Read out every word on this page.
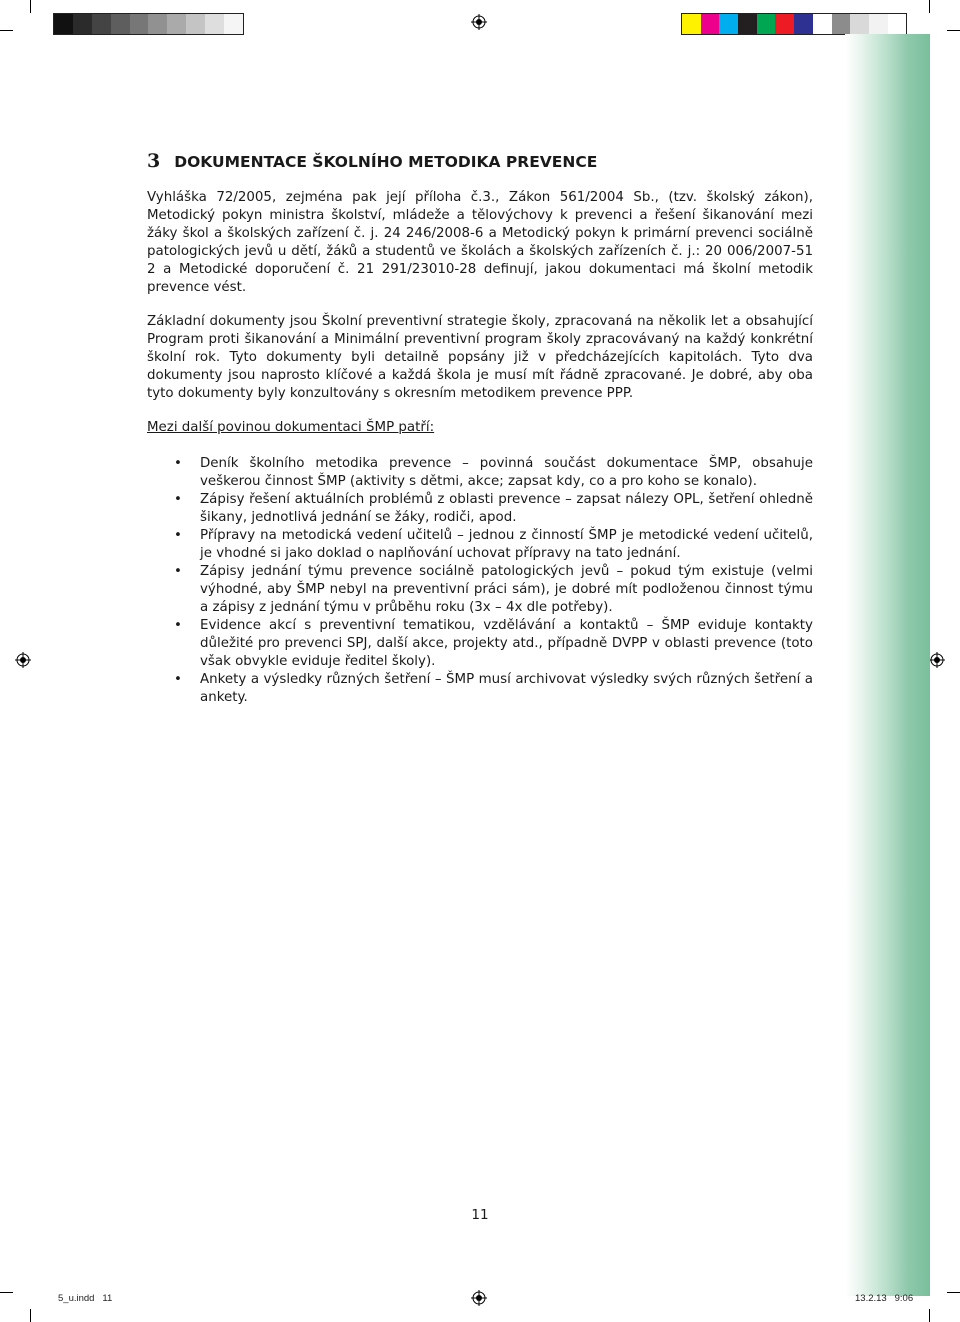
3 DOKUMENTACE ŠKOLNÍHO METODIKA PREVENCE

Vyhláška 72/2005, zejména pak její příloha č.3., Zákon 561/2004 Sb., (tzv. školský zákon), Metodický pokyn ministra školství, mládeže a tělovýchovy k prevenci a řešení šikanování mezi žáky škol a školských zařízení č. j. 24 246/2008-6 a Metodický pokyn k primární prevenci sociálně patologických jevů u dětí, žáků a studentů ve školách a školských zařízeních č. j.: 20 006/2007-51 2 a Metodické doporučení č. 21 291/23010-28 definují, jakou dokumentaci má školní metodik prevence vést.

Základní dokumenty jsou Školní preventivní strategie školy, zpracovaná na několik let a obsahující Program proti šikanování a Minimální preventivní program školy zpracovávaný na každý konkrétní školní rok. Tyto dokumenty byli detailně popsány již v předcházejících kapitolách. Tyto dva dokumenty jsou naprosto klíčové a každá škola je musí mít řádně zpracované. Je dobré, aby oba tyto dokumenty byly konzultovány s okresním metodikem prevence PPP.

Mezi další povinou dokumentaci ŠMP patří:
• Deník školního metodika prevence – povinná součást dokumentace ŠMP, obsahuje veškerou činnost ŠMP (aktivity s dětmi, akce; zapsat kdy, co a pro koho se konalo).
• Zápisy řešení aktuálních problémů z oblasti prevence – zapsat nálezy OPL, šetření ohledně šikany, jednotlivá jednání se žáky, rodiči, apod.
• Přípravy na metodická vedení učitelů – jednou z činností ŠMP je metodické vedení učitelů, je vhodné si jako doklad o naplňování uchovat přípravy na tato jednání.
• Zápisy jednání týmu prevence sociálně patologických jevů – pokud tým existuje (velmi výhodné, aby ŠMP nebyl na preventivní práci sám), je dobré mít podloženou činnost týmu a zápisy z jednání týmu v průběhu roku (3x – 4x dle potřeby).
• Evidence akcí s preventivní tematikou, vzdělávání a kontaktů – ŠMP eviduje kontakty důležité pro prevenci SPJ, další akce, projekty atd., případně DVPP v oblasti prevence (toto však obvykle eviduje ředitel školy).
• Ankety a výsledky různých šetření – ŠMP musí archivovat výsledky svých různých šetření a ankety.
11
5_u.indd   11	13.2.13   9:06
